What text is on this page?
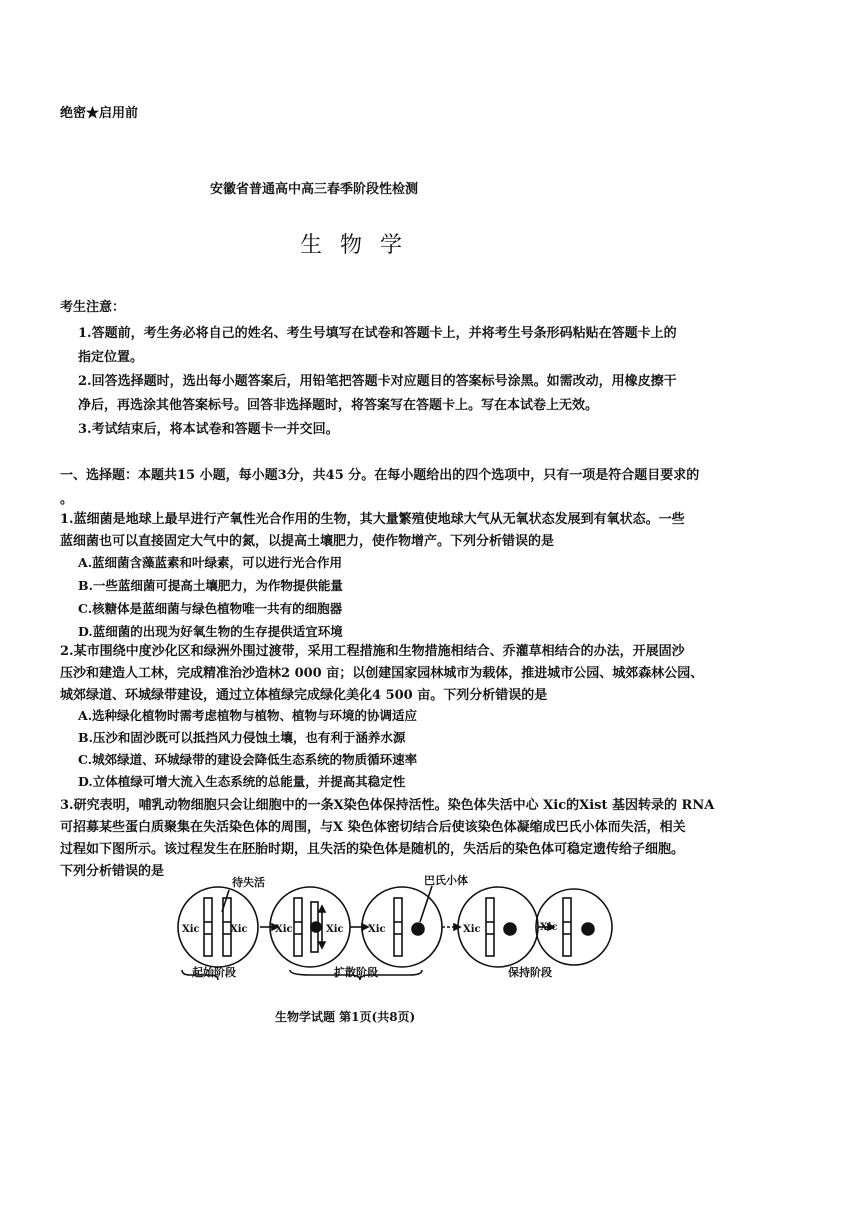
绝密★启用前
安徽省普通高中高三春季阶段性检测
生物学
考生注意：
1.答题前，考生务必将自己的姓名、考生号填写在试卷和答题卡上，并将考生号条形码粘贴在答题卡上的
指定位置。
2.回答选择题时，选出每小题答案后，用铅笔把答题卡对应题目的答案标号涂黑。如需改动，用橡皮擦干
净后，再选涂其他答案标号。回答非选择题时，将答案写在答题卡上。写在本试卷上无效。
3.考试结束后，将本试卷和答题卡一并交回。
一、选择题：本题共15 小题，每小题3分，共45 分。在每小题给出的四个选项中，只有一项是符合题目要求的
。
1.蓝细菌是地球上最早进行产氧性光合作用的生物，其大量繁殖使地球大气从无氧状态发展到有氧状态。一些
蓝细菌也可以直接固定大气中的氮，以提高土壤肥力，使作物增产。下列分析错误的是
A.蓝细菌含藻蓝素和叶绿素，可以进行光合作用
B.一些蓝细菌可提高土壤肥力，为作物提供能量
C.核糖体是蓝细菌与绿色植物唯一共有的细胞器
D.蓝细菌的出现为好氧生物的生存提供适宜环境
2.某市围绕中度沙化区和绿洲外围过渡带，采用工程措施和生物措施相结合、乔灌草相结合的办法，开展固沙
压沙和建造人工林，完成精准治沙造林2 000 亩；以创建国家园林城市为载体，推进城市公园、城郊森林公园、
城郊绿道、环城绿带建设，通过立体植绿完成绿化美化4 500 亩。下列分析错误的是
A.选种绿化植物时需考虑植物与植物、植物与环境的协调适应
B.压沙和固沙既可以抵挡风力侵蚀土壤，也有利于涵养水源
C.城郊绿道、环城绿带的建设会降低生态系统的物质循环速率
D.立体植绿可增大流入生态系统的总能量，并提高其稳定性
3.研究表明，哺乳动物细胞只会让细胞中的一条X染色体保持活性。染色体失活中心 Xic的Xist 基因转录的 RNA
可招募某些蛋白质聚集在失活染色体的周围，与X 染色体密切结合后使该染色体凝缩成巴氏小体而失活，相关
过程如下图所示。该过程发生在胚胎时期，且失活的染色体是随机的，失活后的染色体可稳定遗传给子细胞。
下列分析错误的是
待失活	巴氏小体
Xic	Xic	Xic	Xic Xic	Xic	Xic
起始阶段	扩散阶段	保持阶段
生物学试题 第1页(共8页)
